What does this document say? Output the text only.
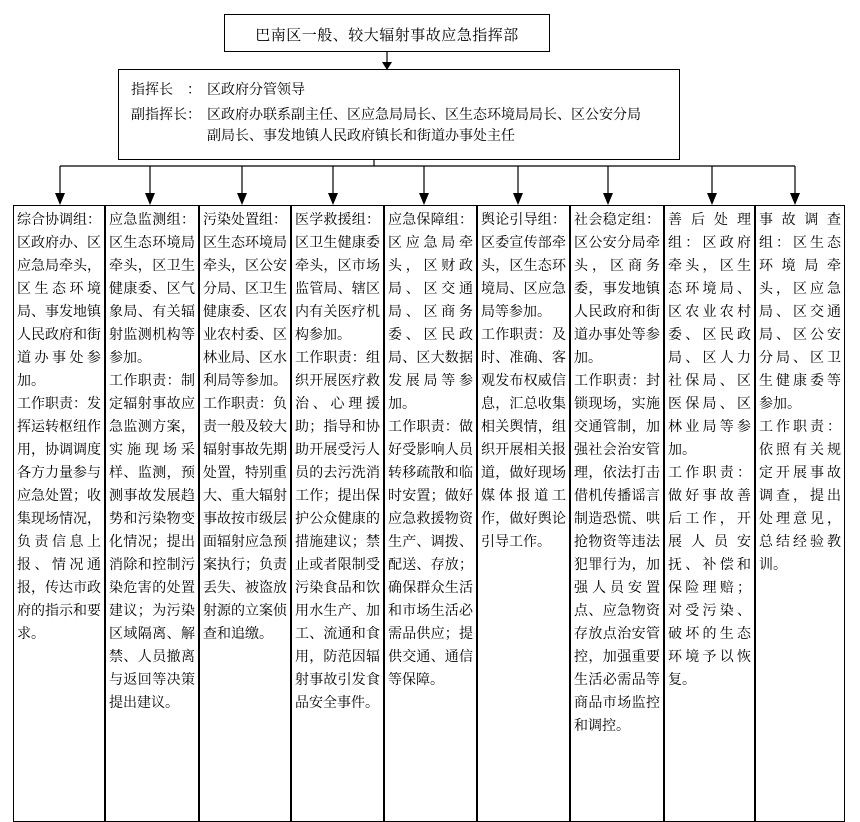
巴南区一般、较大辐射事故应急指挥部
指挥长 ： 区政府分管领导
副指挥长： 区政府办联系副主任、区应急局局长、区生态环境局局长、区公安分局
副局长、事发地镇人民政府镇长和街道办事处主任

综合协调组：区政府办、区应急局牵头，区生态环境局、事发地镇人民政府和街道办事处参加。

工作职责：发挥运转枢纽作用，协调调度各方力量参与应急处置；收集现场情况，负责信息上报、情况通报，传达市政府的指示和要求。

应急监测组：区生态环境局牵头，区卫生健康委、区气象局、有关辐射监测机构等参加。

工作职责：制定辐射事故应急监测方案，实施现场采样、监测，预测事故发展趋势和污染物变化情况；提出消除和控制污染危害的处置建议；为污染区域隔离、解禁、人员撤离与返回等决策提出建议。

污染处置组：区生态环境局牵头，区公安分局、区卫生健康委、区农业农村委、区林业局、区水利局等参加。

工作职责：负责一般及较大辐射事故先期处置，特别重大、重大辐射事故按市级层面辐射应急预案执行；负责丢失、被盗放射源的立案侦查和追缴。

医学救援组：区卫生健康委牵头，区市场监管局、辖区内有关医疗机构参加。

工作职责：组织开展医疗救治、心理援助；指导和协助开展受污人员的去污洗消工作；提出保护公众健康的措施建议；禁止或者限制受污染食品和饮用水生产、加工、流通和食用，防范因辐射事故引发食品安全事件。

应急保障组：区应急局牵头，区财政局、区交通局、区商务委、区民政局、区大数据发展局等参加。

工作职责：做好受影响人员转移疏散和临时安置；做好应急救援物资生产、调拨、配送、存放；确保群众生活和市场生活必需品供应；提供交通、通信等保障。

舆论引导组：区委宣传部牵头，区生态环境局、区应急局等参加。

工作职责：及时、准确、客观发布权威信息，汇总收集相关舆情，组织开展相关报道，做好现场媒体报道工作，做好舆论引导工作。

社会稳定组：区公安分局牵头，区商务委，事发地镇人民政府和街道办事处等参加。

工作职责：封锁现场，实施交通管制，加强社会治安管理，依法打击借机传播谣言制造恐慌、哄抢物资等违法犯罪行为，加强人员安置点、应急物资存放点治安管控，加强重要生活必需品等商品市场监控和调控。

善后处理组：区政府牵头，区生态环境局、区农业农村委、区民政局、区人力社保局、区医保局、区林业局等参加。

工作职责：做好事故善后工作，开展人员安抚、补偿和保险理赔；对受污染、破坏的生态环境予以恢复。

事故调查组：区生态环境局牵头，区应急局、区交通局、区公安分局、区卫生健康委等参加。

工作职责：依照有关规定开展事故调查，提出处理意见，总结经验教训。
